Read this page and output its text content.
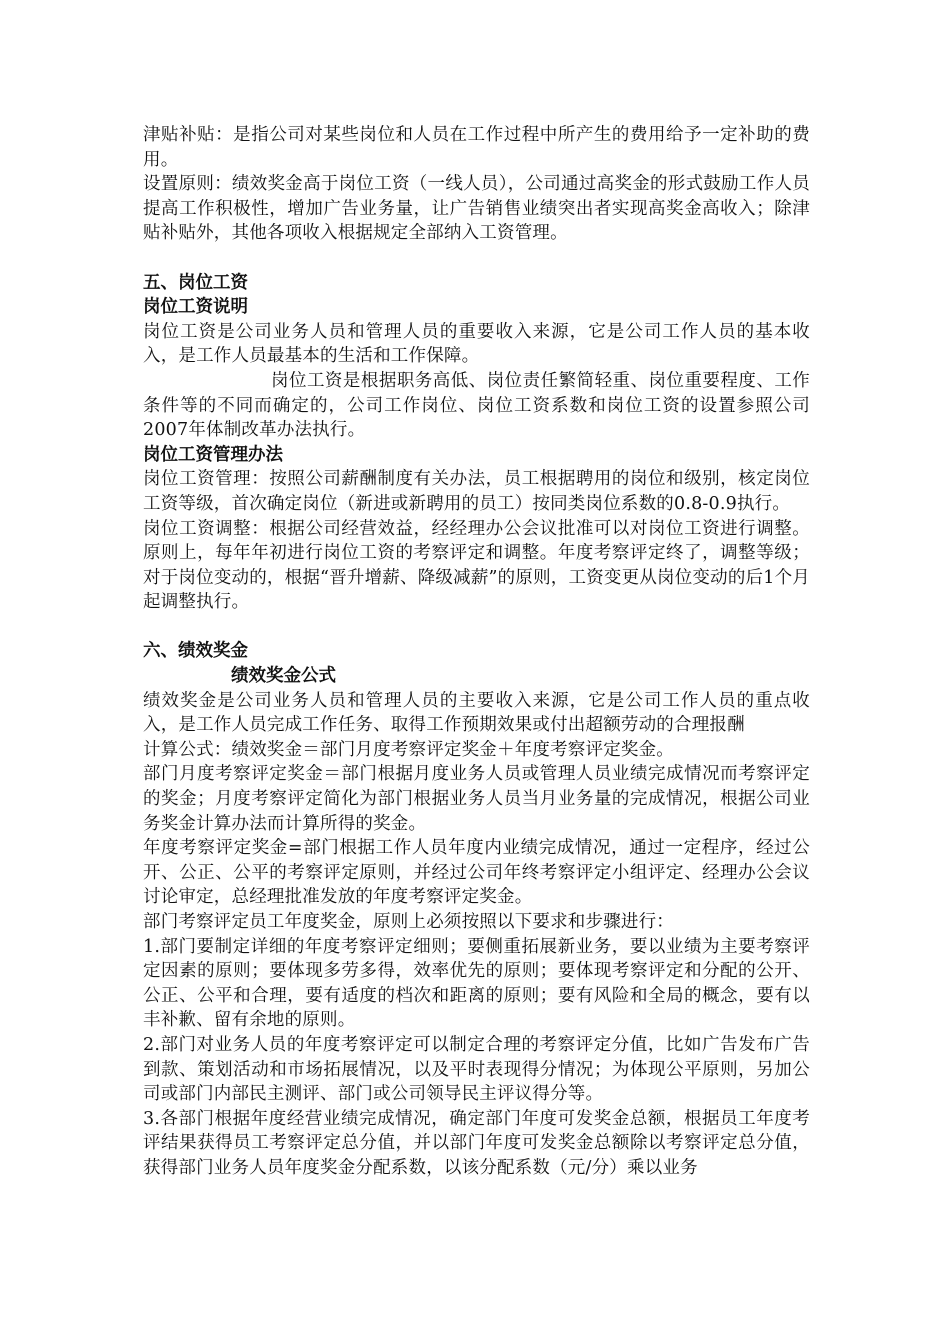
津贴补贴：是指公司对某些岗位和人员在工作过程中所产生的费用给予一定补助的费用。

设置原则：绩效奖金高于岗位工资（一线人员），公司通过高奖金的形式鼓励工作人员提高工作积极性，增加广告业务量，让广告销售业绩突出者实现高奖金高收入；除津贴补贴外，其他各项收入根据规定全部纳入工资管理。

五、岗位工资

岗位工资说明

岗位工资是公司业务人员和管理人员的重要收入来源，它是公司工作人员的基本收入，是工作人员最基本的生活和工作保障。

岗位工资是根据职务高低、岗位责任繁简轻重、岗位重要程度、工作条件等的不同而确定的，公司工作岗位、岗位工资系数和岗位工资的设置参照公司2007年体制改革办法执行。

岗位工资管理办法

岗位工资管理：按照公司薪酬制度有关办法，员工根据聘用的岗位和级别，核定岗位工资等级，首次确定岗位（新进或新聘用的员工）按同类岗位系数的0.8-0.9执行。

岗位工资调整：根据公司经营效益，经经理办公会议批准可以对岗位工资进行调整。原则上，每年年初进行岗位工资的考察评定和调整。年度考察评定终了，调整等级；对于岗位变动的，根据“晋升增薪、降级减薪”的原则，工资变更从岗位变动的后1个月起调整执行。

六、绩效奖金

绩效奖金公式

绩效奖金是公司业务人员和管理人员的主要收入来源，它是公司工作人员的重点收入，是工作人员完成工作任务、取得工作预期效果或付出超额劳动的合理报酬

计算公式：绩效奖金＝部门月度考察评定奖金＋年度考察评定奖金。

部门月度考察评定奖金＝部门根据月度业务人员或管理人员业绩完成情况而考察评定的奖金；月度考察评定简化为部门根据业务人员当月业务量的完成情况，根据公司业务奖金计算办法而计算所得的奖金。

年度考察评定奖金=部门根据工作人员年度内业绩完成情况，通过一定程序，经过公开、公正、公平的考察评定原则，并经过公司年终考察评定小组评定、经理办公会议讨论审定，总经理批准发放的年度考察评定奖金。

部门考察评定员工年度奖金，原则上必须按照以下要求和步骤进行：

1.部门要制定详细的年度考察评定细则；要侧重拓展新业务，要以业绩为主要考察评定因素的原则；要体现多劳多得，效率优先的原则；要体现考察评定和分配的公开、公正、公平和合理，要有适度的档次和距离的原则；要有风险和全局的概念，要有以丰补歉、留有余地的原则。

2.部门对业务人员的年度考察评定可以制定合理的考察评定分值，比如广告发布广告到款、策划活动和市场拓展情况，以及平时表现得分情况；为体现公平原则，另加公司或部门内部民主测评、部门或公司领导民主评议得分等。

3.各部门根据年度经营业绩完成情况，确定部门年度可发奖金总额，根据员工年度考评结果获得员工考察评定总分值，并以部门年度可发奖金总额除以考察评定总分值，获得部门业务人员年度奖金分配系数，以该分配系数（元/分）乘以业务
